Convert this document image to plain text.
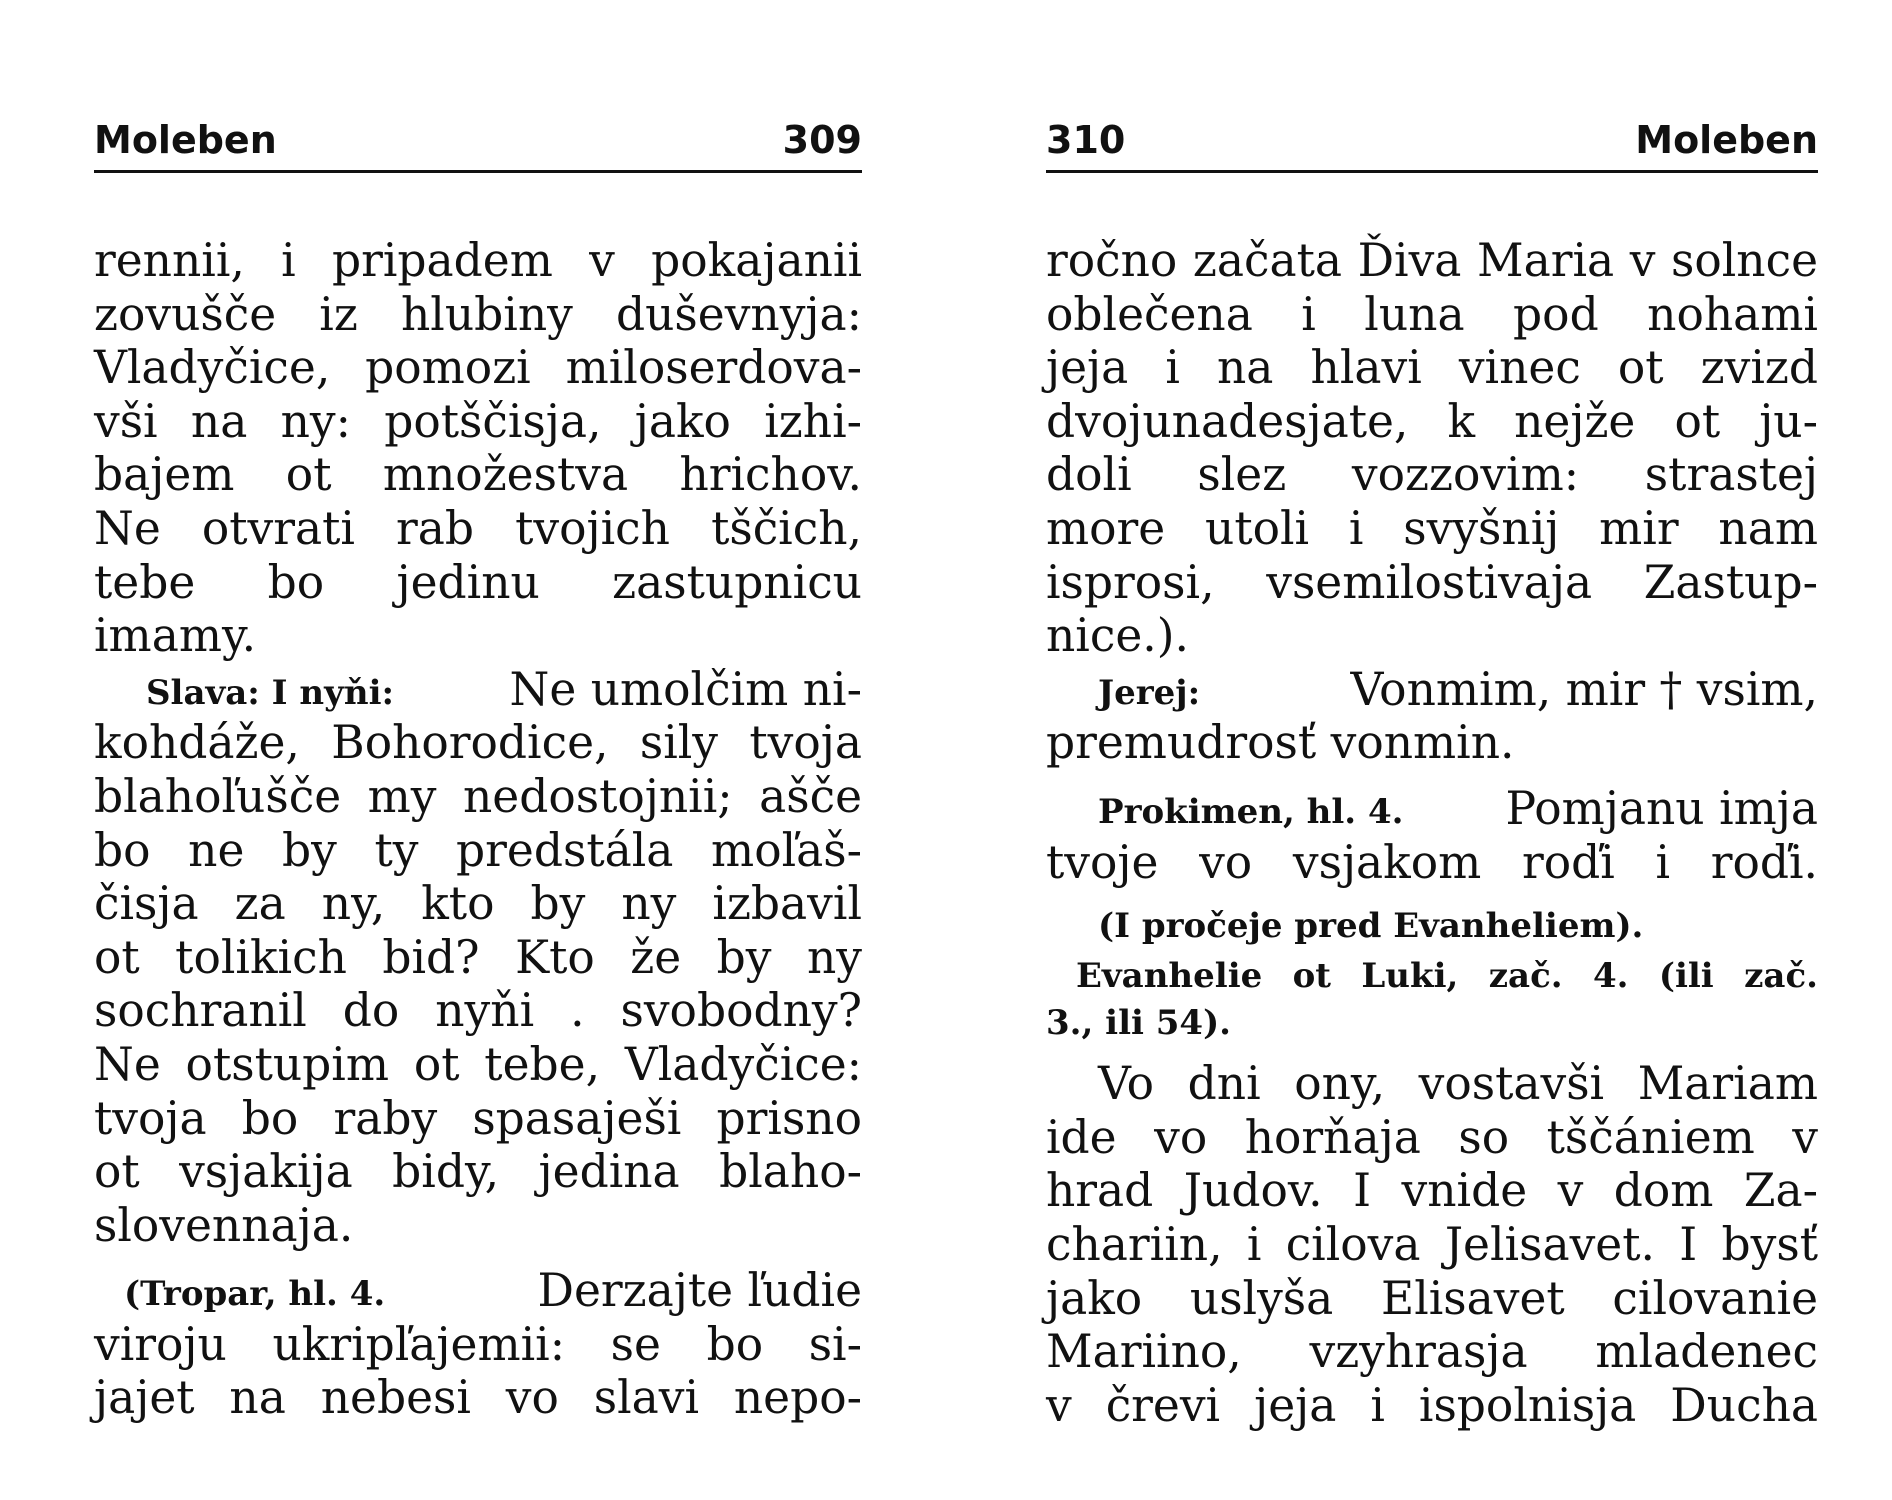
Moleben	309
rennii, i pripadem v pokajanii
zovušče iz hlubiny duševnyja:
Vladyčice, pomozi miloserdova-
vši na ny: potščisja, jako izhi-
bajem ot množestva hrichov.
Ne otvrati rab tvojich tščich,
tebe bo jedinu zastupnicu
imamy.
Slava: I nyňi:	Ne umolčim ni-
kohdáže, Bohorodice, sily tvoja
blahoľušče my nedostojnii; ašče
bo ne by ty predstála moľaš-
čisja za ny, kto by ny izbavil
ot tolikich bid? Kto že by ny
sochranil do nyňi . svobodny?
Ne otstupim ot tebe, Vladyčice:
tvoja bo raby spasaješi prisno
ot vsjakija bidy, jedina blaho-
slovennaja.
(Tropar, hl. 4.	Derzajte ľudie
viroju ukripľajemii: se bo si-
jajet na nebesi vo slavi nepo-
310	Moleben
ročno začata Ďiva Maria v solnce
oblečena i luna pod nohami
jeja i na hlavi vinec ot zvizd
dvojunadesjate, k nejže ot ju-
doli slez vozzovim: strastej
more utoli i svyšnij mir nam
isprosi, vsemilostivaja Zastup-
nice.).
Jerej:	Vonmim, mir † vsim,
premudrosť vonmin.
Prokimen, hl. 4. Pomjanu imja
tvoje vo vsjakom roďi i roďi.
(I pročeje pred Evanheliem).
Evanhelie ot Luki, zač. 4. (ili zač.
3., ili 54).
Vo dni ony, vostavši Mariam
ide vo horňaja so tščániem v
hrad Judov. I vnide v dom Za-
chariin, i cilova Jelisavet. I bysť
jako uslyša Elisavet cilovanie
Mariino, vzyhrasja mladenec
v črevi jeja i ispolnisja Ducha
